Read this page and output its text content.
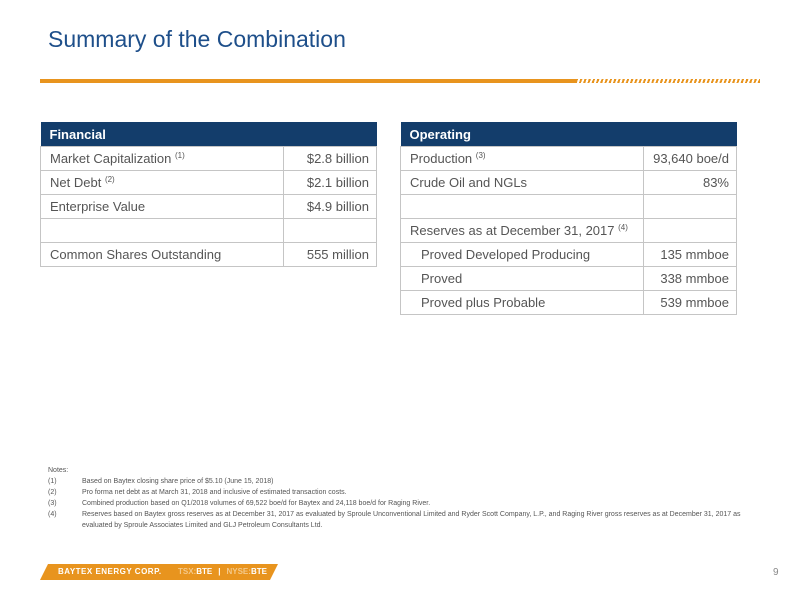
Summary of the Combination
Financial	
Market Capitalization $^{(1)}$	$2.8 billion
Net Debt $^{(2)}$	$2.1 billion
Enterprise Value	$4.9 billion

Common Shares Outstanding	555 million
Operating	
Production $^{(3)}$	93,640 boe/d
Crude Oil and NGLs	83%

Reserves as at December 31, 2017 $^{(4)}$	
Proved Developed Producing	135 mmboe
Proved	338 mmboe
Proved plus Probable	539 mmboe
Notes:
(1)	Based on Baytex closing share price of $5.10 (June 15, 2018)
(2)	Pro forma net debt as at March 31, 2018 and inclusive of estimated transaction costs.
(3)	Combined production based on Q1/2018 volumes of 69,522 boe/d for Baytex and 24,118 boe/d for Raging River.
(4)	Reserves based on Baytex gross reserves as at December 31, 2017 as evaluated by Sproule Unconventional Limited and Ryder Scott Company, L.P., and Raging River gross reserves as at December 31, 2017 as evaluated by Sproule Associates Limited and GLJ Petroleum Consultants Ltd.
BAYTEX ENERGY CORP. TSX:BTE | NYSE:BTE	9
